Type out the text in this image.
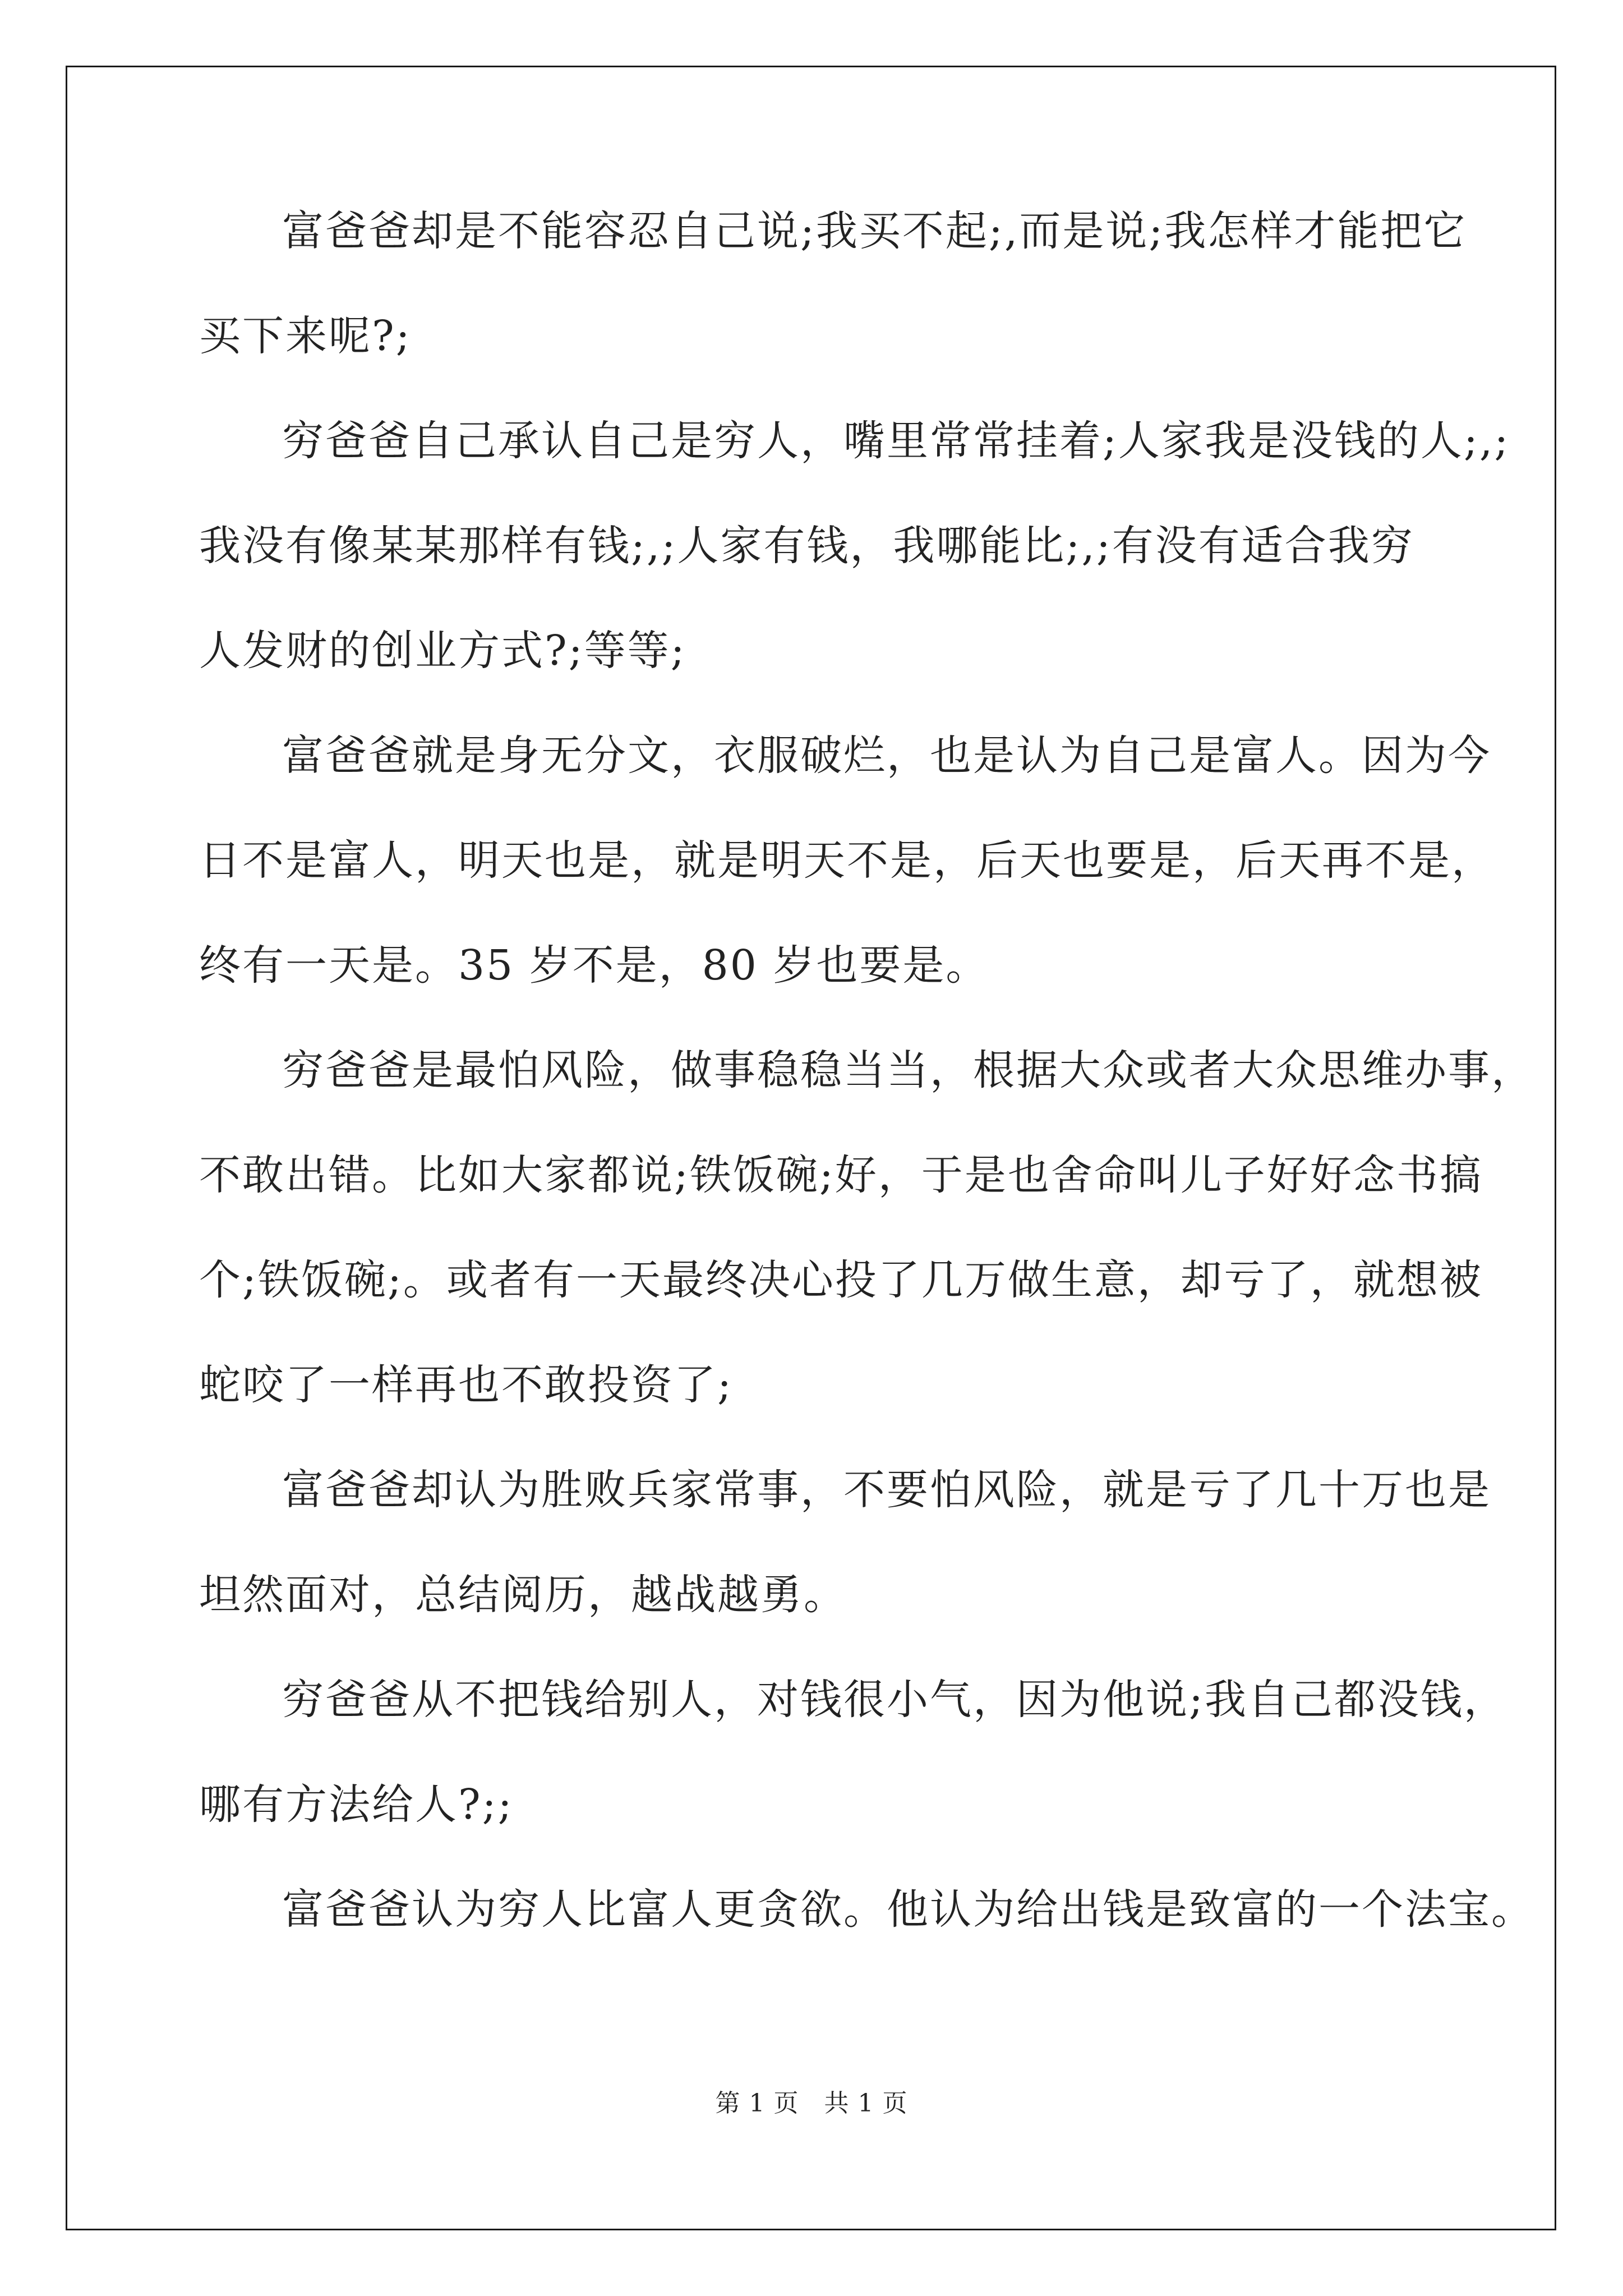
富爸爸却是不能容忍自己说;我买不起;,而是说;我怎样才能把它
买下来呢?;
穷爸爸自己承认自己是穷人，嘴里常常挂着;人家我是没钱的人;,;
我没有像某某那样有钱;,;人家有钱，我哪能比;,;有没有适合我穷
人发财的创业方式?;等等;
富爸爸就是身无分文，衣服破烂，也是认为自己是富人。因为今
日不是富人，明天也是，就是明天不是，后天也要是，后天再不是，
终有一天是。35 岁不是，80 岁也要是。
穷爸爸是最怕风险，做事稳稳当当，根据大众或者大众思维办事，
不敢出错。比如大家都说;铁饭碗;好，于是也舍命叫儿子好好念书搞
个;铁饭碗;。或者有一天最终决心投了几万做生意，却亏了，就想被
蛇咬了一样再也不敢投资了;
富爸爸却认为胜败兵家常事，不要怕风险，就是亏了几十万也是
坦然面对，总结阅历，越战越勇。
穷爸爸从不把钱给别人，对钱很小气，因为他说;我自己都没钱，
哪有方法给人?;;
富爸爸认为穷人比富人更贪欲。他认为给出钱是致富的一个法宝。
第 1 页　共 1 页
